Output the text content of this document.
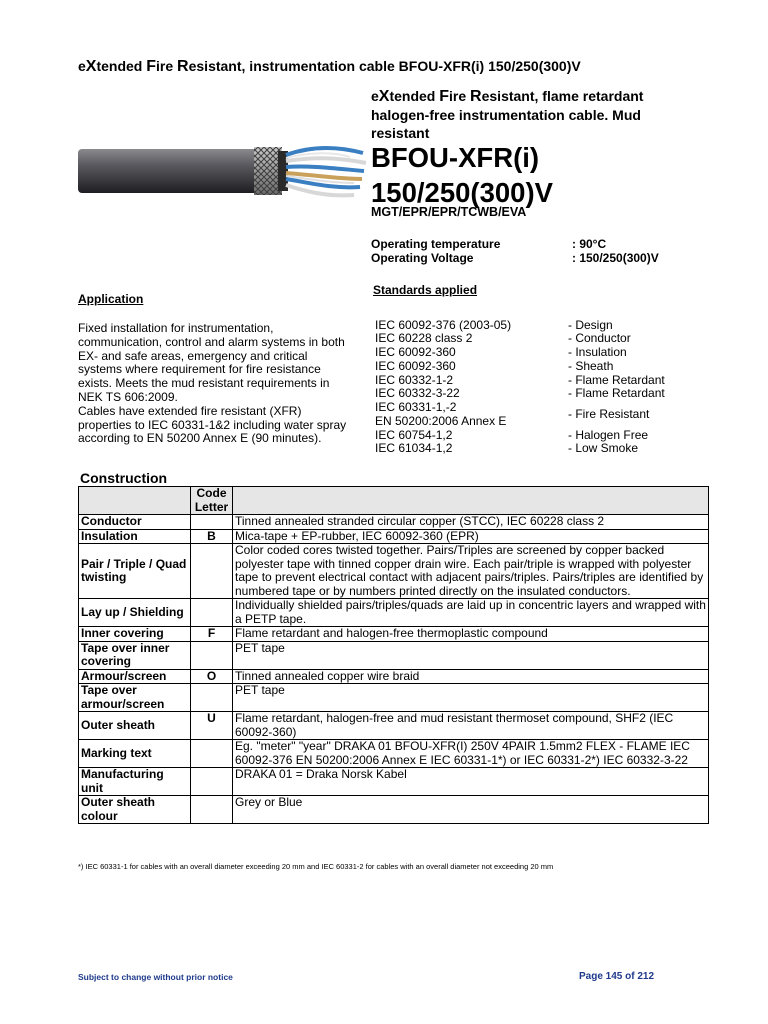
eXtended Fire Resistant, instrumentation cable BFOU-XFR(i) 150/250(300)V
eXtended Fire Resistant, flame retardant halogen-free instrumentation cable. Mud resistant
BFOU-XFR(i)
150/250(300)V
MGT/EPR/EPR/TCWB/EVA
Operating temperature	: 90°C
Operating Voltage	: 150/250(300)V
Standards applied
IEC 60092-376 (2003-05)	- Design
IEC 60228 class 2	- Conductor
IEC 60092-360	- Insulation
IEC 60092-360	- Sheath
IEC 60332-1-2	- Flame Retardant
IEC 60332-3-22	- Flame Retardant
IEC 60331-1,-2	- Fire Resistant
EN 50200:2006 Annex E
IEC 60754-1,2	- Halogen Free
IEC 61034-1,2	- Low Smoke
Application
Fixed installation for instrumentation,
communication, control and alarm systems in both
EX- and safe areas, emergency and critical
systems where requirement for fire resistance
exists. Meets the mud resistant requirements in
NEK TS 606:2009.
Cables have extended fire resistant (XFR)
properties to IEC 60331-1&2 including water spray
according to EN 50200 Annex E (90 minutes).
Construction
	Code Letter	
Conductor		Tinned annealed stranded circular copper (STCC), IEC 60228 class 2
Insulation	B	Mica-tape + EP-rubber, IEC 60092-360 (EPR)
Pair / Triple / Quad twisting		Color coded cores twisted together. Pairs/Triples are screened by copper backed polyester tape with tinned copper drain wire. Each pair/triple is wrapped with polyester tape to prevent electrical contact with adjacent pairs/triples. Pairs/triples are identified by numbered tape or by numbers printed directly on the insulated conductors.
Lay up / Shielding		Individually shielded pairs/triples/quads are laid up in concentric layers and wrapped with a PETP tape.
Inner covering	F	Flame retardant and halogen-free thermoplastic compound
Tape over inner covering		PET tape
Armour/screen	O	Tinned annealed copper wire braid
Tape over armour/screen		PET tape
Outer sheath	U	Flame retardant, halogen-free and mud resistant thermoset compound, SHF2 (IEC 60092-360)
Marking text		Eg. "meter" "year" DRAKA 01 BFOU-XFR(I) 250V 4PAIR 1.5mm2 FLEX - FLAME IEC 60092-376 EN 50200:2006 Annex E IEC 60331-1*) or IEC 60331-2*) IEC 60332-3-22
Manufacturing unit		DRAKA 01 = Draka Norsk Kabel
Outer sheath colour		Grey or Blue
*) IEC 60331-1 for cables with an overall diameter exceeding 20 mm and IEC 60331-2 for cables with an overall diameter not exceeding 20 mm
Subject to change without prior notice	Page 145 of 212
